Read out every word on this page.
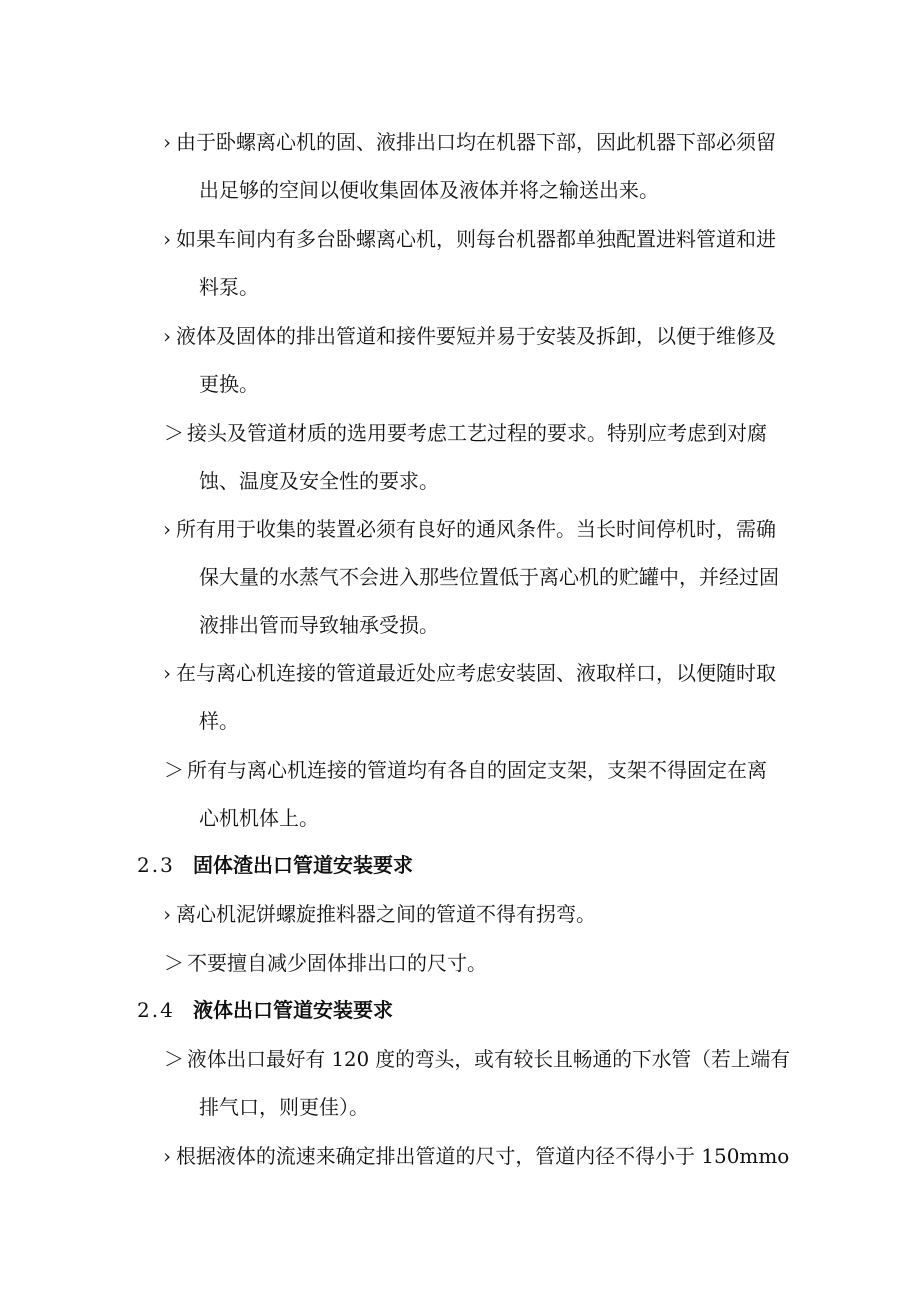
› 由于卧螺离心机的固、液排出口均在机器下部，因此机器下部必须留
出足够的空间以便收集固体及液体并将之输送出来。
› 如果车间内有多台卧螺离心机，则每台机器都单独配置进料管道和进
料泵。
› 液体及固体的排出管道和接件要短并易于安装及拆卸，以便于维修及
更换。
＞ 接头及管道材质的选用要考虑工艺过程的要求。特别应考虑到对腐
蚀、温度及安全性的要求。
› 所有用于收集的装置必须有良好的通风条件。当长时间停机时，需确
保大量的水蒸气不会进入那些位置低于离心机的贮罐中，并经过固
液排出管而导致轴承受损。
› 在与离心机连接的管道最近处应考虑安装固、液取样口，以便随时取
样。
＞ 所有与离心机连接的管道均有各自的固定支架，支架不得固定在离
心机机体上。
2.3 固体渣出口管道安装要求
› 离心机泥饼螺旋推料器之间的管道不得有拐弯。
＞ 不要擅自减少固体排出口的尺寸。
2.4 液体出口管道安装要求
＞ 液体出口最好有 120 度的弯头，或有较长且畅通的下水管（若上端有
排气口，则更佳）。
› 根据液体的流速来确定排出管道的尺寸，管道内径不得小于 150mmo
